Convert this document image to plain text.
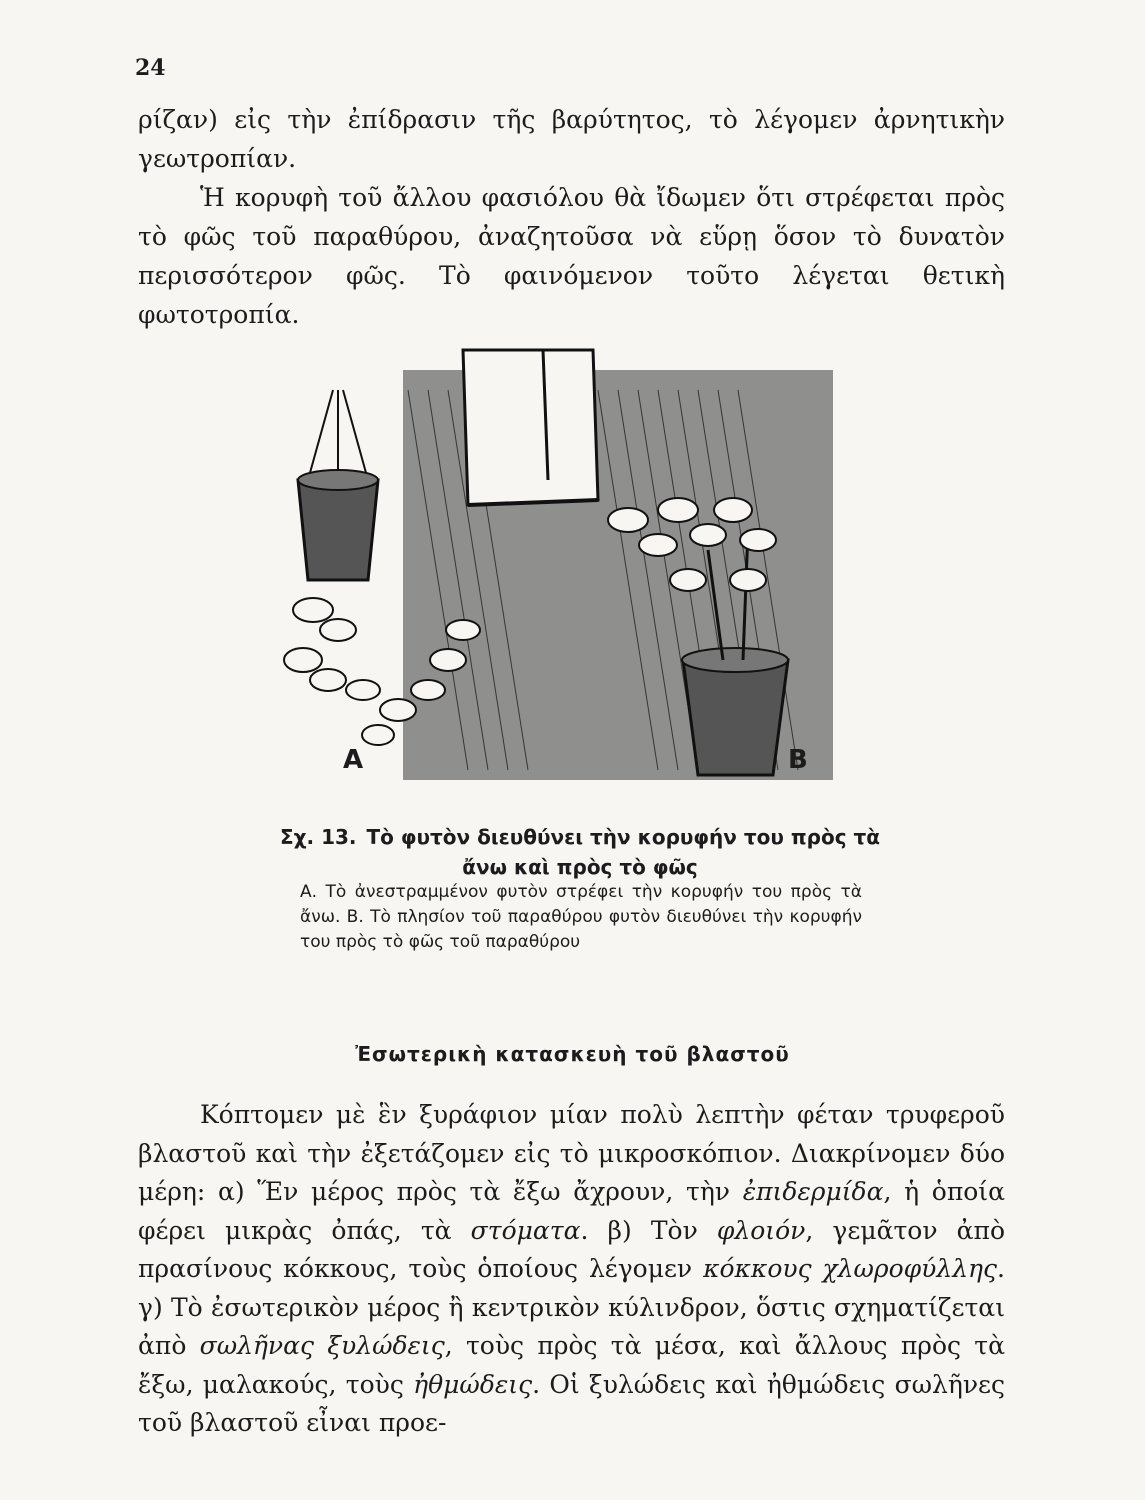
24

ρίζαν) εἰς τὴν ἐπίδρασιν τῆς βαρύτητος, τὸ λέγομεν ἀρνητικὴν γεωτροπίαν.
Ἡ κορυφὴ τοῦ ἄλλου φασιόλου θὰ ἴδωμεν ὅτι στρέφεται πρὸς τὸ φῶς τοῦ παραθύρου, ἀναζητοῦσα νὰ εὕρῃ ὅσον τὸ δυνατὸν περισσότερον φῶς. Τὸ φαινόμενον τοῦτο λέγεται θετικὴ φωτοτροπία.

A	B
Σχ. 13. Τὸ φυτὸν διευθύνει τὴν κορυφήν του πρὸς τὰ ἄνω καὶ πρὸς τὸ φῶς
Α. Τὸ ἀνεστραμμένον φυτὸν στρέφει τὴν κορυφήν του πρὸς τὰ ἄνω. Β. Τὸ πλησίον τοῦ παραθύρου φυτὸν διευθύνει τὴν κορυφήν του πρὸς τὸ φῶς τοῦ παραθύρου
Ἐσωτερικὴ κατασκευὴ τοῦ βλαστοῦ

Κόπτομεν μὲ ἓν ξυράφιον μίαν πολὺ λεπτὴν φέταν τρυφεροῦ βλαστοῦ καὶ τὴν ἐξετάζομεν εἰς τὸ μικροσκόπιον. Διακρίνομεν δύο μέρη: α) Ἕν μέρος πρὸς τὰ ἔξω ἄχρουν, τὴν ἐπιδερμίδα, ἡ ὁποία φέρει μικρὰς ὀπάς, τὰ στόματα. β) Τὸν φλοιόν, γεμᾶτον ἀπὸ πρασίνους κόκκους, τοὺς ὁποίους λέγομεν κόκκους χλωροφύλλης. γ) Τὸ ἐσωτερικὸν μέρος ἢ κεντρικὸν κύλινδρον, ὅστις σχηματίζεται ἀπὸ σωλῆνας ξυλώδεις, τοὺς πρὸς τὰ μέσα, καὶ ἄλλους πρὸς τὰ ἔξω, μαλακούς, τοὺς ἠθμώδεις. Οἱ ξυλώδεις καὶ ἠθμώδεις σωλῆνες τοῦ βλαστοῦ εἶναι προε-
